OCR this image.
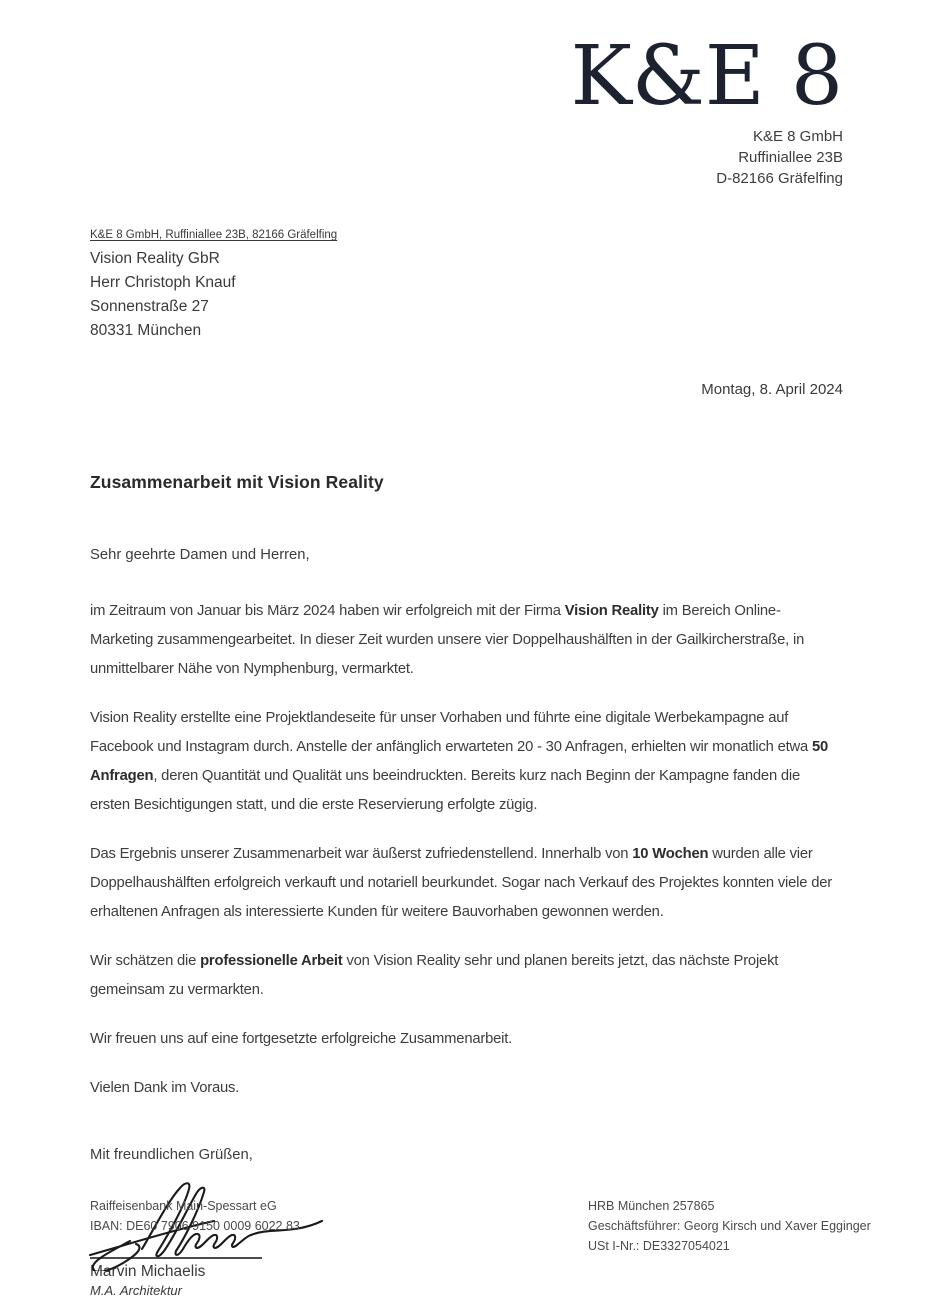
K&E 8
K&E 8 GmbH
Ruffiniallee 23B
D-82166 Gräfelfing
K&E 8 GmbH, Ruffiniallee 23B, 82166 Gräfelfing
Vision Reality GbR
Herr Christoph Knauf
Sonnenstraße 27
80331 München
Montag, 8. April 2024
Zusammenarbeit mit Vision Reality
Sehr geehrte Damen und Herren,

im Zeitraum von Januar bis März 2024 haben wir erfolgreich mit der Firma Vision Reality im Bereich Online-Marketing zusammengearbeitet. In dieser Zeit wurden unsere vier Doppelhaushälften in der Gailkircherstraße, in unmittelbarer Nähe von Nymphenburg, vermarktet.

Vision Reality erstellte eine Projektlandeseite für unser Vorhaben und führte eine digitale Werbekampagne auf Facebook und Instagram durch. Anstelle der anfänglich erwarteten 20 - 30 Anfragen, erhielten wir monatlich etwa 50 Anfragen, deren Quantität und Qualität uns beeindruckten. Bereits kurz nach Beginn der Kampagne fanden die ersten Besichtigungen statt, und die erste Reservierung erfolgte zügig.

Das Ergebnis unserer Zusammenarbeit war äußerst zufriedenstellend. Innerhalb von 10 Wochen wurden alle vier Doppelhaushälften erfolgreich verkauft und notariell beurkundet. Sogar nach Verkauf des Projektes konnten viele der erhaltenen Anfragen als interessierte Kunden für weitere Bauvorhaben gewonnen werden.

Wir schätzen die professionelle Arbeit von Vision Reality sehr und planen bereits jetzt, das nächste Projekt gemeinsam zu vermarkten.

Wir freuen uns auf eine fortgesetzte erfolgreiche Zusammenarbeit.

Vielen Dank im Voraus.

Mit freundlichen Grüßen,
Marvin Michaelis
M.A. Architektur
Raiffeisenbank Main-Spessart eG
IBAN: DE60 7906 9150 0009 6022 83
HRB München 257865
Geschäftsführer: Georg Kirsch und Xaver Egginger
USt I-Nr.: DE3327054021
